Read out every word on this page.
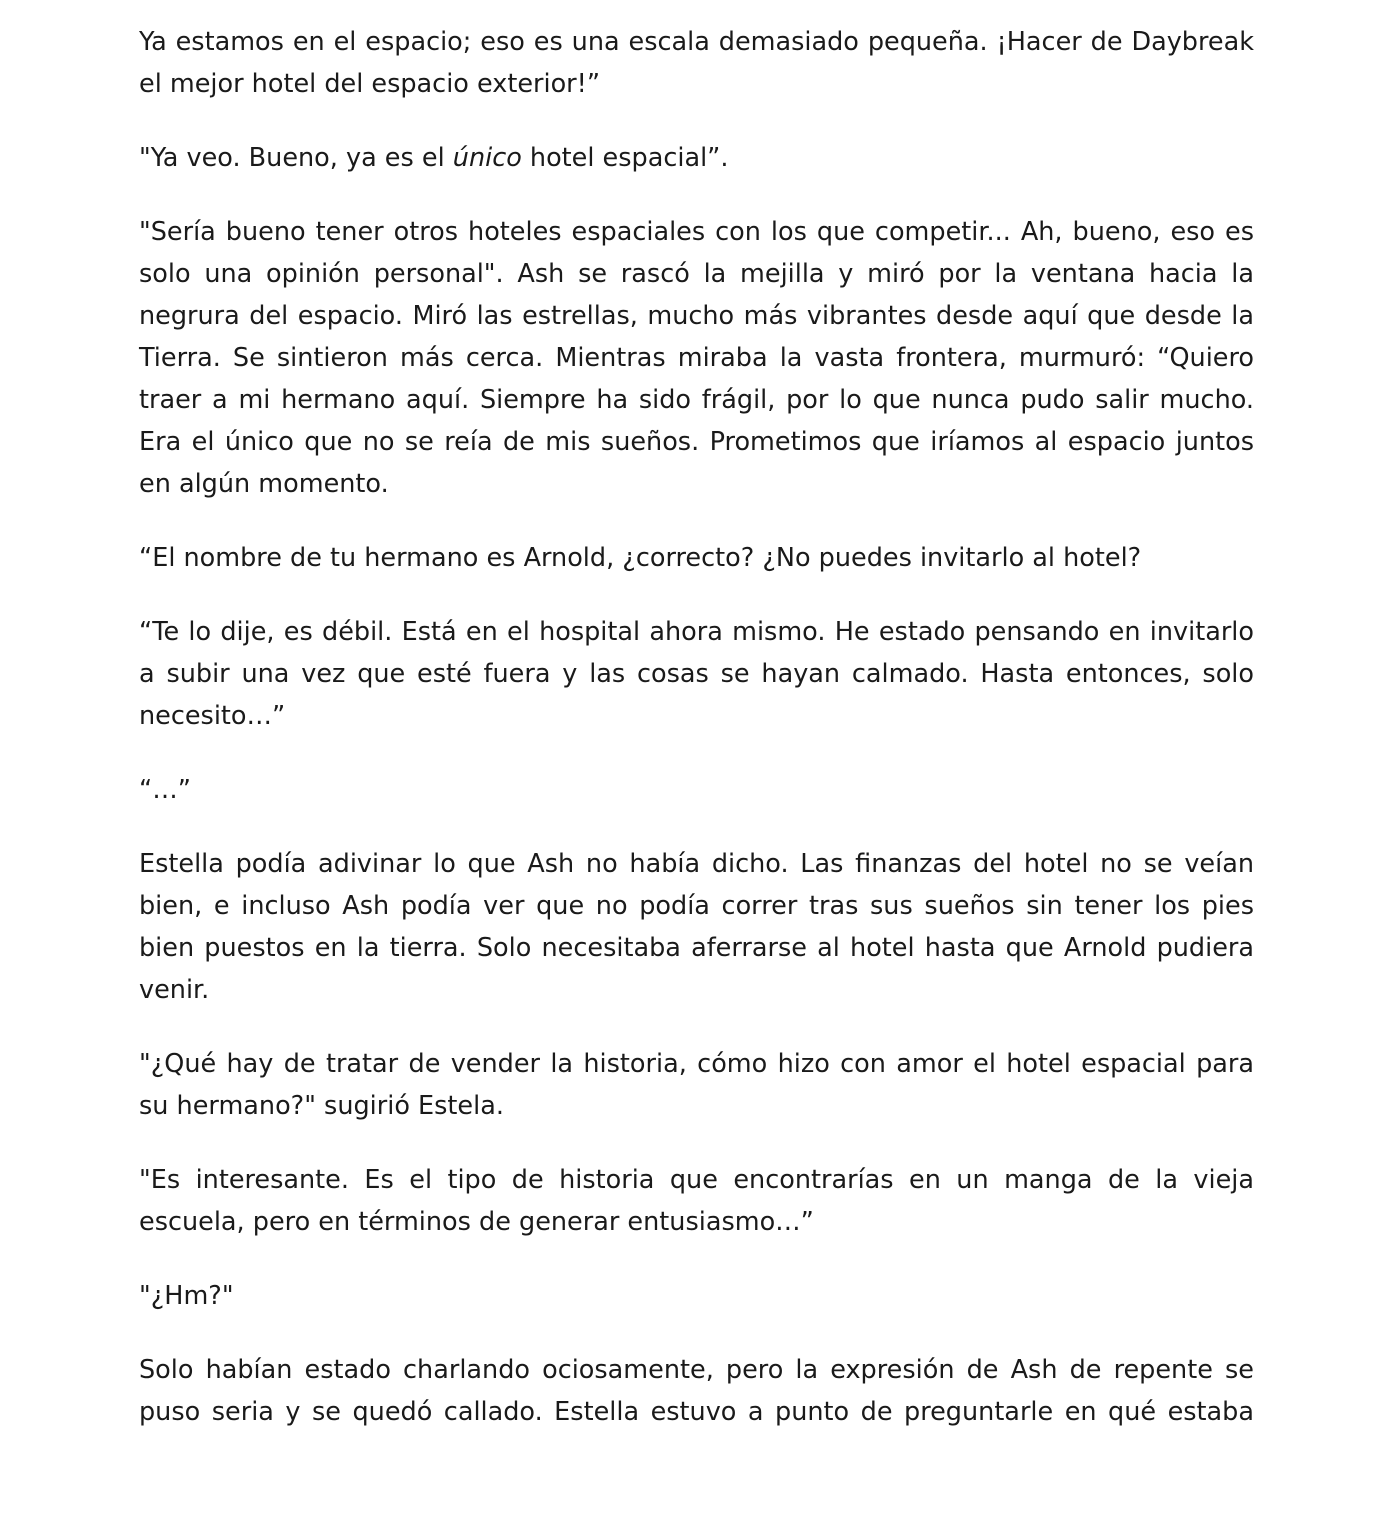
Ya estamos en el espacio; eso es una escala demasiado pequeña. ¡Hacer de Daybreak el mejor hotel del espacio exterior!”

"Ya veo. Bueno, ya es el único hotel espacial”.

"Sería bueno tener otros hoteles espaciales con los que competir... Ah, bueno, eso es solo una opinión personal". Ash se rascó la mejilla y miró por la ventana hacia la negrura del espacio. Miró las estrellas, mucho más vibrantes desde aquí que desde la Tierra. Se sintieron más cerca. Mientras miraba la vasta frontera, murmuró: “Quiero traer a mi hermano aquí. Siempre ha sido frágil, por lo que nunca pudo salir mucho. Era el único que no se reía de mis sueños. Prometimos que iríamos al espacio juntos en algún momento.

“El nombre de tu hermano es Arnold, ¿correcto? ¿No puedes invitarlo al hotel?

“Te lo dije, es débil. Está en el hospital ahora mismo. He estado pensando en invitarlo a subir una vez que esté fuera y las cosas se hayan calmado. Hasta entonces, solo necesito…”

“…”

Estella podía adivinar lo que Ash no había dicho. Las finanzas del hotel no se veían bien, e incluso Ash podía ver que no podía correr tras sus sueños sin tener los pies bien puestos en la tierra. Solo necesitaba aferrarse al hotel hasta que Arnold pudiera venir.

"¿Qué hay de tratar de vender la historia, cómo hizo con amor el hotel espacial para su hermano?" sugirió Estela.

"Es interesante. Es el tipo de historia que encontrarías en un manga de la vieja escuela, pero en términos de generar entusiasmo…”

"¿Hm?"

Solo habían estado charlando ociosamente, pero la expresión de Ash de repente se puso seria y se quedó callado. Estella estuvo a punto de preguntarle en qué estaba
